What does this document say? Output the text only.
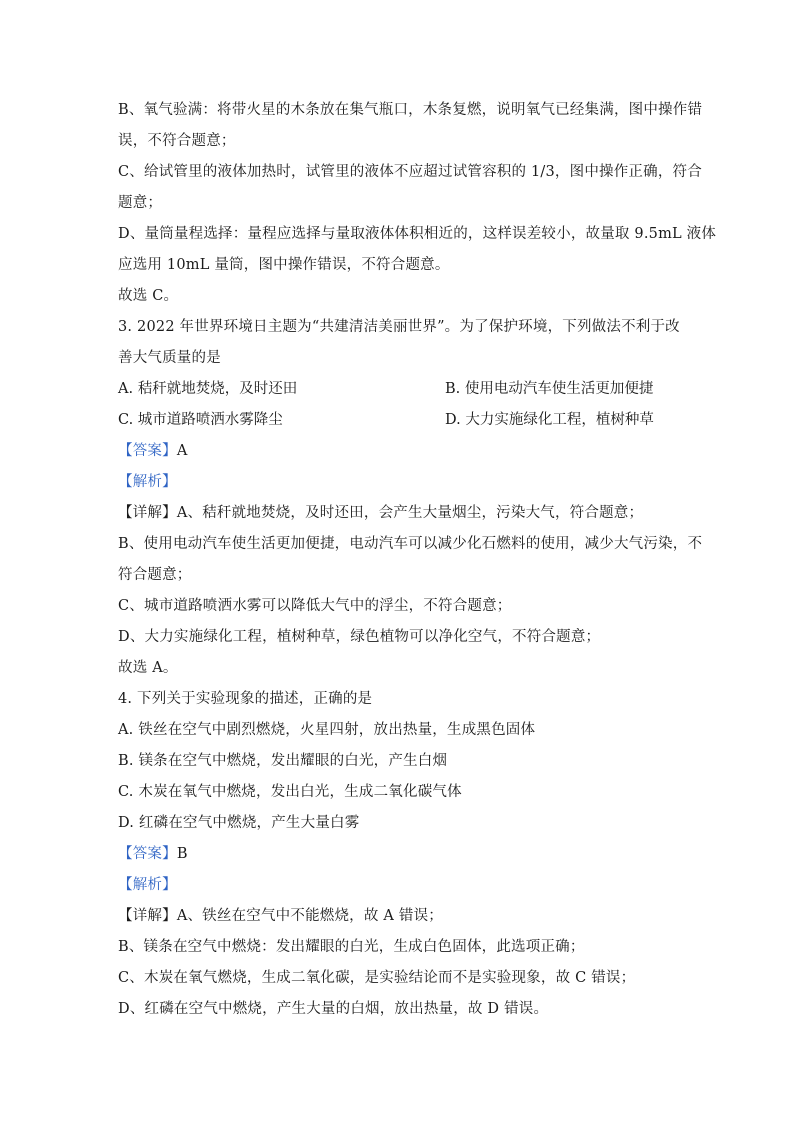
B、氧气验满：将带火星的木条放在集气瓶口，木条复燃，说明氧气已经集满，图中操作错
误，不符合题意；
C、给试管里的液体加热时，试管里的液体不应超过试管容积的 1/3，图中操作正确，符合
题意；
D、量筒量程选择：量程应选择与量取液体体积相近的，这样误差较小，故量取 9.5mL 液体
应选用 10mL 量筒，图中操作错误，不符合题意。
故选 C。
3. 2022 年世界环境日主题为“共建清洁美丽世界”。为了保护环境，下列做法不利于改
善大气质量的是
A. 秸秆就地焚烧，及时还田	B. 使用电动汽车使生活更加便捷
C. 城市道路喷洒水雾降尘	D. 大力实施绿化工程，植树种草
【答案】A
【解析】
【详解】A、秸秆就地焚烧，及时还田，会产生大量烟尘，污染大气，符合题意；
B、使用电动汽车使生活更加便捷，电动汽车可以减少化石燃料的使用，减少大气污染，不
符合题意；
C、城市道路喷洒水雾可以降低大气中的浮尘，不符合题意；
D、大力实施绿化工程，植树种草，绿色植物可以净化空气，不符合题意；
故选 A。
4. 下列关于实验现象的描述，正确的是
A. 铁丝在空气中剧烈燃烧，火星四射，放出热量，生成黑色固体
B. 镁条在空气中燃烧，发出耀眼的白光，产生白烟
C. 木炭在氧气中燃烧，发出白光，生成二氧化碳气体
D. 红磷在空气中燃烧，产生大量白雾
【答案】B
【解析】
【详解】A、铁丝在空气中不能燃烧，故 A 错误；
B、镁条在空气中燃烧：发出耀眼的白光，生成白色固体，此选项正确；
C、木炭在氧气燃烧，生成二氧化碳，是实验结论而不是实验现象，故 C 错误；
D、红磷在空气中燃烧，产生大量的白烟，放出热量，故 D 错误。
